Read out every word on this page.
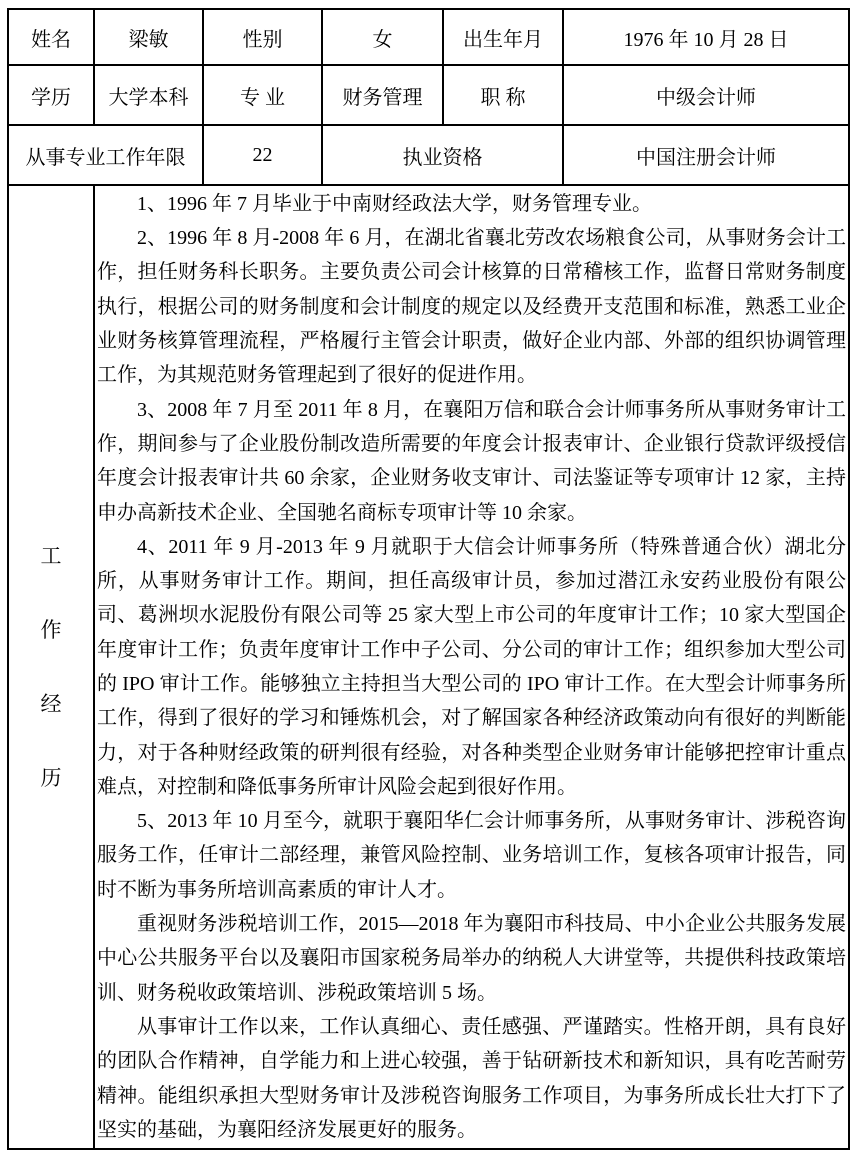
姓名	梁敏	性别	女	出生年月	1976 年 10 月 28 日
学历	大学本科	专 业	财务管理	职 称	中级会计师
从事专业工作年限		22	执业资格		中国注册会计师

工作经历

1、1996 年 7 月毕业于中南财经政法大学，财务管理专业。

2、1996 年 8 月-2008 年 6 月，在湖北省襄北劳改农场粮食公司，从事财务会计工作，担任财务科长职务。主要负责公司会计核算的日常稽核工作，监督日常财务制度执行，根据公司的财务制度和会计制度的规定以及经费开支范围和标准，熟悉工业企业财务核算管理流程，严格履行主管会计职责，做好企业内部、外部的组织协调管理工作，为其规范财务管理起到了很好的促进作用。

3、2008 年 7 月至 2011 年 8 月，在襄阳万信和联合会计师事务所从事财务审计工作，期间参与了企业股份制改造所需要的年度会计报表审计、企业银行贷款评级授信年度会计报表审计共 60 余家，企业财务收支审计、司法鉴证等专项审计 12 家，主持申办高新技术企业、全国驰名商标专项审计等 10 余家。

4、2011 年 9 月-2013 年 9 月就职于大信会计师事务所（特殊普通合伙）湖北分所，从事财务审计工作。期间，担任高级审计员，参加过潜江永安药业股份有限公司、葛洲坝水泥股份有限公司等 25 家大型上市公司的年度审计工作；10 家大型国企年度审计工作；负责年度审计工作中子公司、分公司的审计工作；组织参加大型公司的 IPO 审计工作。能够独立主持担当大型公司的 IPO 审计工作。在大型会计师事务所工作，得到了很好的学习和锤炼机会，对了解国家各种经济政策动向有很好的判断能力，对于各种财经政策的研判很有经验，对各种类型企业财务审计能够把控审计重点难点，对控制和降低事务所审计风险会起到很好作用。

5、2013 年 10 月至今，就职于襄阳华仁会计师事务所，从事财务审计、涉税咨询服务工作，任审计二部经理，兼管风险控制、业务培训工作，复核各项审计报告，同时不断为事务所培训高素质的审计人才。

重视财务涉税培训工作，2015—2018 年为襄阳市科技局、中小企业公共服务发展中心公共服务平台以及襄阳市国家税务局举办的纳税人大讲堂等，共提供科技政策培训、财务税收政策培训、涉税政策培训 5 场。

从事审计工作以来，工作认真细心、责任感强、严谨踏实。性格开朗，具有良好的团队合作精神，自学能力和上进心较强，善于钻研新技术和新知识，具有吃苦耐劳精神。能组织承担大型财务审计及涉税咨询服务工作项目，为事务所成长壮大打下了坚实的基础，为襄阳经济发展更好的服务。
